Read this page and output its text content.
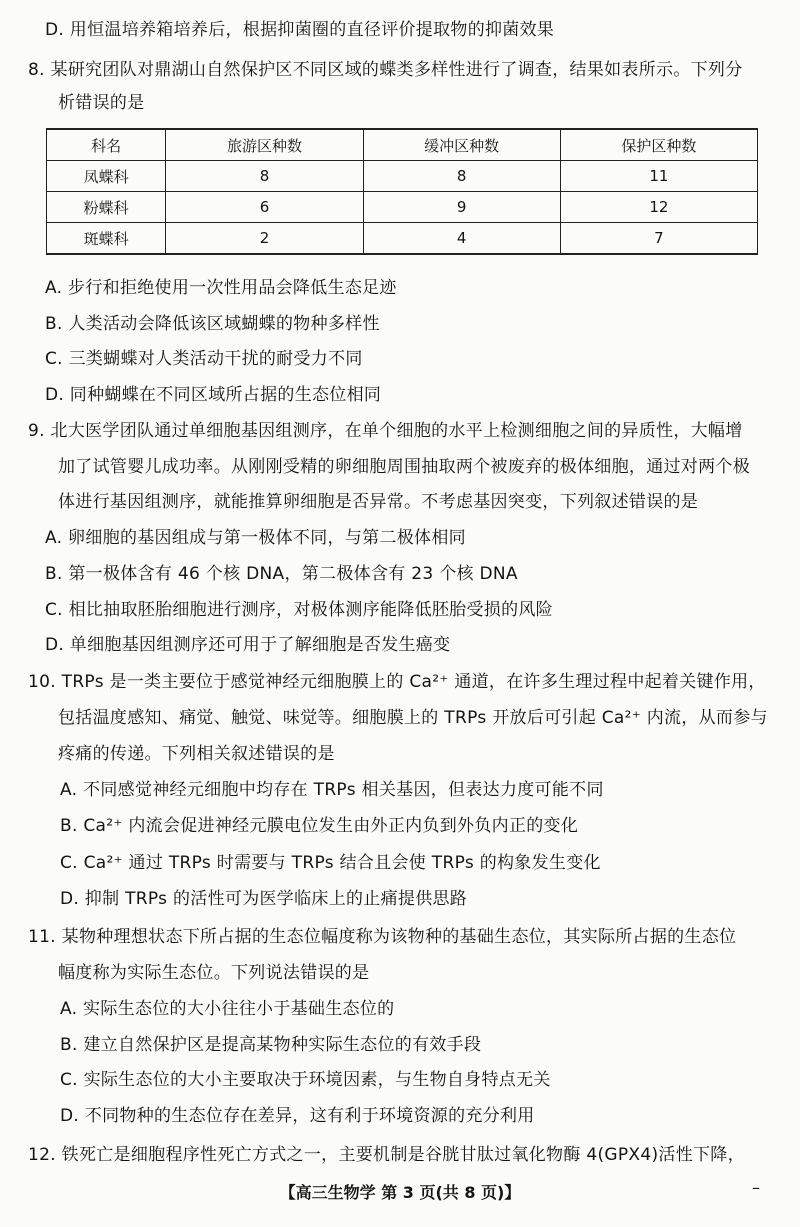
D. 用恒温培养箱培养后，根据抑菌圈的直径评价提取物的抑菌效果
8. 某研究团队对鼎湖山自然保护区不同区域的蝶类多样性进行了调查，结果如表所示。下列分
析错误的是
科名	旅游区种数	缓冲区种数	保护区种数
凤蝶科	8	8	11
粉蝶科	6	9	12
斑蝶科	2	4	7
A. 步行和拒绝使用一次性用品会降低生态足迹
B. 人类活动会降低该区域蝴蝶的物种多样性
C. 三类蝴蝶对人类活动干扰的耐受力不同
D. 同种蝴蝶在不同区域所占据的生态位相同
9. 北大医学团队通过单细胞基因组测序，在单个细胞的水平上检测细胞之间的异质性，大幅增
加了试管婴儿成功率。从刚刚受精的卵细胞周围抽取两个被废弃的极体细胞，通过对两个极
体进行基因组测序，就能推算卵细胞是否异常。不考虑基因突变，下列叙述错误的是
A. 卵细胞的基因组成与第一极体不同，与第二极体相同
B. 第一极体含有 46 个核 DNA，第二极体含有 23 个核 DNA
C. 相比抽取胚胎细胞进行测序，对极体测序能降低胚胎受损的风险
D. 单细胞基因组测序还可用于了解细胞是否发生癌变
10. TRPs 是一类主要位于感觉神经元细胞膜上的 Ca²⁺ 通道，在许多生理过程中起着关键作用，
包括温度感知、痛觉、触觉、味觉等。细胞膜上的 TRPs 开放后可引起 Ca²⁺ 内流，从而参与
疼痛的传递。下列相关叙述错误的是
A. 不同感觉神经元细胞中均存在 TRPs 相关基因，但表达力度可能不同
B. Ca²⁺ 内流会促进神经元膜电位发生由外正内负到外负内正的变化
C. Ca²⁺ 通过 TRPs 时需要与 TRPs 结合且会使 TRPs 的构象发生变化
D. 抑制 TRPs 的活性可为医学临床上的止痛提供思路
11. 某物种理想状态下所占据的生态位幅度称为该物种的基础生态位，其实际所占据的生态位
幅度称为实际生态位。下列说法错误的是
A. 实际生态位的大小往往小于基础生态位的
B. 建立自然保护区是提高某物种实际生态位的有效手段
C. 实际生态位的大小主要取决于环境因素，与生物自身特点无关
D. 不同物种的生态位存在差异，这有利于环境资源的充分利用
12. 铁死亡是细胞程序性死亡方式之一，主要机制是谷胱甘肽过氧化物酶 4(GPX4)活性下降，
【高三生物学 第 3 页(共 8 页)】	–
